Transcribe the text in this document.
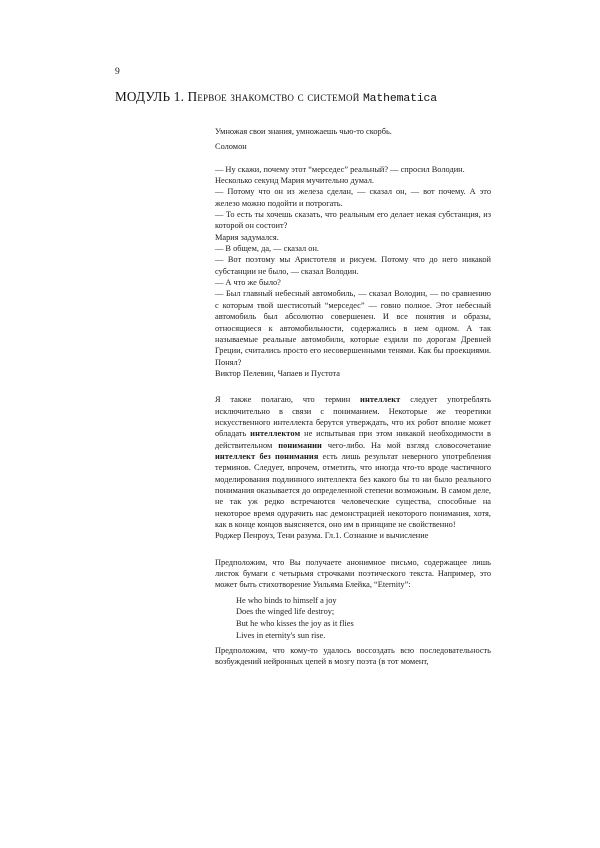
9
МОДУЛЬ 1. Первое знакомство с системой Mathematica

Умножая свои знания, умножаешь чью-то скорбь.

Соломон

— Ну скажи, почему этот “мерседес” реальный? — спросил Володин.

Несколько секунд Мария мучительно думал.

— Потому что он из железа сделан, — сказал он, — вот почему. А это железо можно подойти и потрогать.

— То есть ты хочешь сказать, что реальным его делает некая субстанция, из которой он состоит?

Мария задумался.

— В общем, да, — сказал он.

— Вот поэтому мы Аристотеля и рисуем. Потому что до него никакой субстанции не было, — сказал Володин.

— А что же было?

— Был главный небесный автомобиль, — сказал Володин, — по сравнению с которым твой шестисотый “мерседес” — говно полное. Этот небесный автомобиль был абсолютно совершенен. И все понятия и образы, относящиеся к автомобильности, содержались в нем одном. А так называемые реальные автомобили, которые ездили по дорогам Древней Греции, считались просто его несовершенными тенями. Как бы проекциями. Понял?

Виктор Пелевин, Чапаев и Пустота

Я также полагаю, что термин интеллект следует употреблять исключительно в связи с пониманием. Некоторые же теоретики искусственного интеллекта берутся утверждать, что их робот вполне может обладать интеллектом не испытывая при этом никакой необходимости в действительном понимании чего-либо. На мой взгляд словосочетание интеллект без понимания есть лишь результат неверного употребления терминов. Следует, впрочем, отметить, что иногда что-то вроде частичного моделирования подлинного интеллекта без какого бы то ни было реального понимания оказывается до определенной степени возможным. В самом деле, не так уж редко встречаются человеческие существа, способные на некоторое время одурачить нас демонстрацией некоторого понимания, хотя, как в конце концов выясняется, оно им в принципе не свойственно!

Роджер Пенроуз, Тени разума. Гл.1. Сознание и вычисление

Предположим, что Вы получаете анонимное письмо, содержащее лишь листок бумаги с четырьмя строчками поэтического текста. Например, это может быть стихотворение Уильяма Блейка, “Eternity”:

He who binds to himself a joy

Does the winged life destroy;

But he who kisses the joy as it flies

Lives in eternity's sun rise.

Предположим, что кому-то удалось воссоздать всю последовательность возбуждений нейронных цепей в мозгу поэта (в тот момент,
